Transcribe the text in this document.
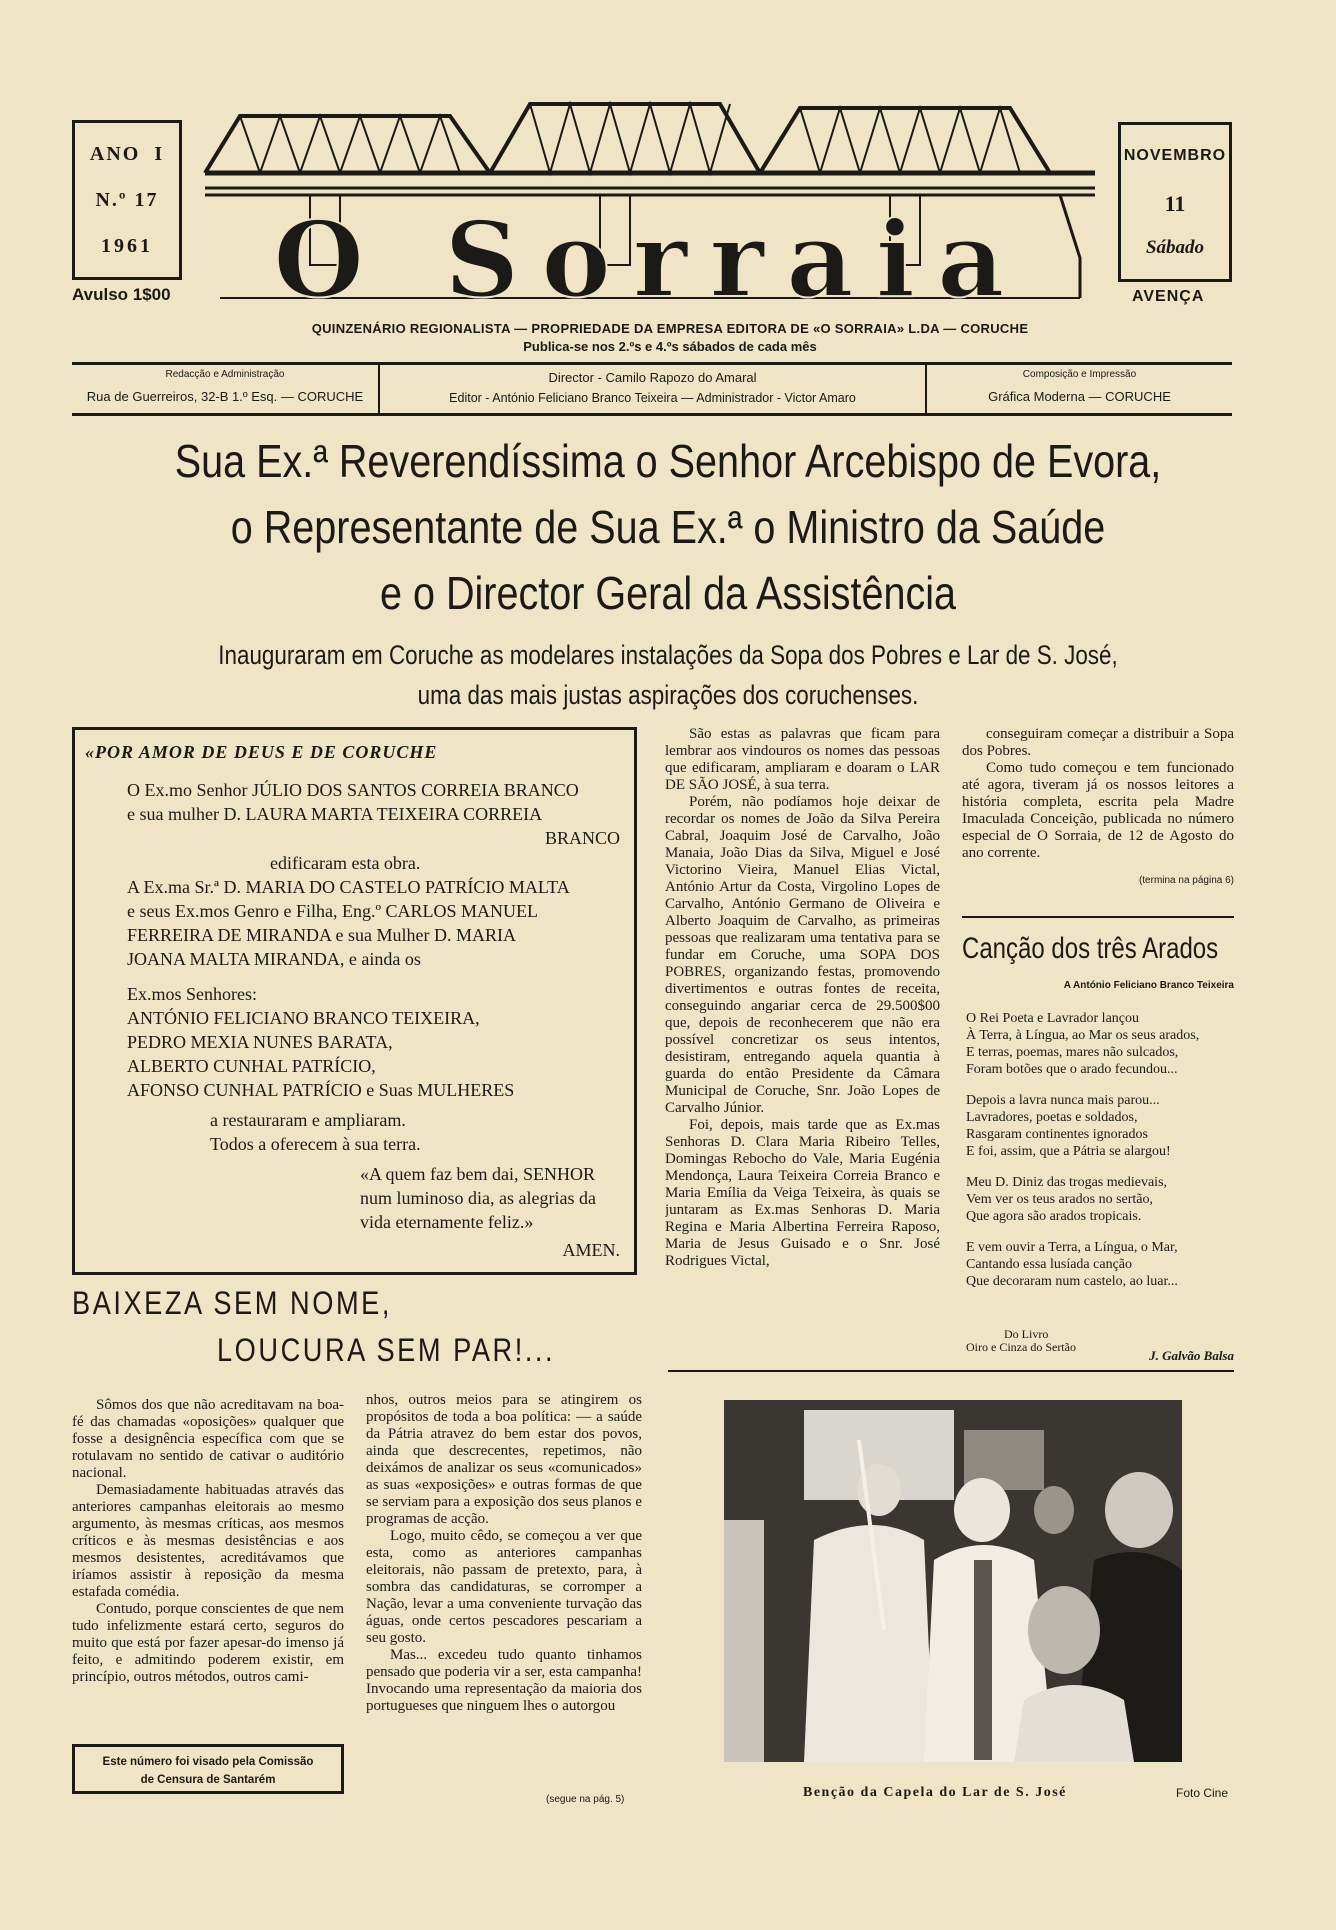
ANO  I
N.º 17
1961
Avulso 1$00
NOVEMBRO
11
Sábado
AVENÇA
O Sorraia
QUINZENÁRIO REGIONALISTA — PROPRIEDADE DA EMPRESA EDITORA DE «O SORRAIA» L.DA — CORUCHE
Publica-se nos 2.ºs e 4.ºs sábados de cada mês
Redacção e Administração
Rua de Guerreiros, 32-B 1.º Esq. — CORUCHE
Director - Camilo Rapozo do Amaral
Editor - António Feliciano Branco Teixeira — Administrador - Victor Amaro
Composição e Impressão
Gráfica Moderna — CORUCHE
Sua Ex.ª Reverendíssima o Senhor Arcebispo de Evora,
o Representante de Sua Ex.ª o Ministro da Saúde
e o Director Geral da Assistência
Inauguraram em Coruche as modelares instalações da Sopa dos Pobres e Lar de S. José,
uma das mais justas aspirações dos coruchenses.
«POR AMOR DE DEUS E DE CORUCHE
O Ex.mo Senhor JÚLIO DOS SANTOS CORREIA BRANCO
e sua mulher D. LAURA MARTA TEIXEIRA CORREIA
BRANCO
edificaram esta obra.
A Ex.ma Sr.ª D. MARIA DO CASTELO PATRÍCIO MALTA
e seus Ex.mos Genro e Filha, Eng.º CARLOS MANUEL
FERREIRA DE MIRANDA e sua Mulher D. MARIA
JOANA MALTA MIRANDA, e ainda os
Ex.mos Senhores:
ANTÓNIO FELICIANO BRANCO TEIXEIRA,
PEDRO MEXIA NUNES BARATA,
ALBERTO CUNHAL PATRÍCIO,
AFONSO CUNHAL PATRÍCIO e Suas MULHERES
a restauraram e ampliaram.
Todos a oferecem à sua terra.
«A quem faz bem dai, SENHOR
num luminoso dia, as alegrias da
vida eternamente feliz.»
AMEN.

São estas as palavras que ficam para lembrar aos vindouros os nomes das pessoas que edificaram, ampliaram e doaram o LAR DE SÃO JOSÉ, à sua terra.

Porém, não podíamos hoje deixar de recordar os nomes de João da Silva Pereira Cabral, Joaquim José de Carvalho, João Manaia, João Dias da Silva, Miguel e José Victorino Vieira, Manuel Elias Victal, António Artur da Costa, Virgolino Lopes de Carvalho, António Germano de Oliveira e Alberto Joaquim de Carvalho, as primeiras pessoas que realizaram uma tentativa para se fundar em Coruche, uma SOPA DOS POBRES, organizando festas, promovendo divertimentos e outras fontes de receita, conseguindo angariar cerca de 29.500$00 que, depois de reconhecerem que não era possível concretizar os seus intentos, desistiram, entregando aquela quantia à guarda do então Presidente da Câmara Municipal de Coruche, Snr. João Lopes de Carvalho Júnior.

Foi, depois, mais tarde que as Ex.mas Senhoras D. Clara Maria Ribeiro Telles, Domingas Rebocho do Vale, Maria Eugénia Mendonça, Laura Teixeira Correia Branco e Maria Emília da Veiga Teixeira, às quais se juntaram as Ex.mas Senhoras D. Maria Regina e Maria Albertina Ferreira Raposo, Maria de Jesus Guisado e o Snr. José Rodrigues Victal,

conseguiram começar a distribuir a Sopa dos Pobres.

Como tudo começou e tem funcionado até agora, tiveram já os nossos leitores a história completa, escrita pela Madre Imaculada Conceição, publicada no número especial de O Sorraia, de 12 de Agosto do ano corrente.

(termina na página 6)
Canção dos três Arados
A António Feliciano Branco Teixeira
O Rei Poeta e Lavrador lançou
À Terra, à Língua, ao Mar os seus arados,
E terras, poemas, mares não sulcados,
Foram botões que o arado fecundou...
Depois a lavra nunca mais parou...
Lavradores, poetas e soldados,
Rasgaram continentes ignorados
E foi, assim, que a Pátria se alargou!
Meu D. Diniz das trogas medievais,
Vem ver os teus arados no sertão,
Que agora são arados tropicais.
E vem ouvir a Terra, a Língua, o Mar,
Cantando essa lusíada canção
Que decoraram num castelo, ao luar...
Do Livro
Oiro e Cinza do Sertão
J. Galvão Balsa
BAIXEZA SEM NOME,
LOUCURA SEM PAR!...

Sômos dos que não acreditavam na boa-fé das chamadas «oposições» qualquer que fosse a designência específica com que se rotulavam no sentido de cativar o auditório nacional.

Demasiadamente habituadas através das anteriores campanhas eleitorais ao mesmo argumento, às mesmas críticas, aos mesmos críticos e às mesmas desistências e aos mesmos desistentes, acreditávamos que iríamos assistir à reposição da mesma estafada comédia.

Contudo, porque conscientes de que nem tudo infelizmente estará certo, seguros do muito que está por fazer apesar-do imenso já feito, e admitindo poderem existir, em princípio, outros métodos, outros cami-

Este número foi visado pela Comissão
de Censura de Santarém

nhos, outros meios para se atingirem os propósitos de toda a boa política: — a saúde da Pátria atravez do bem estar dos povos, ainda que descrecentes, repetimos, não deixámos de analizar os seus «comunicados» as suas «exposições» e outras formas de que se serviam para a exposição dos seus planos e programas de acção.

Logo, muito cêdo, se começou a ver que esta, como as anteriores campanhas eleitorais, não passam de pretexto, para, à sombra das candidaturas, se corromper a Nação, levar a uma conveniente turvação das águas, onde certos pescadores pescariam a seu gosto.

Mas... excedeu tudo quanto tinhamos pensado que poderia vir a ser, esta campanha! Invocando uma representação da maioria dos portugueses que ninguem lhes o autorgou

(segue na pág. 5)	Benção da Capela do Lar de S. José	Foto Cine
